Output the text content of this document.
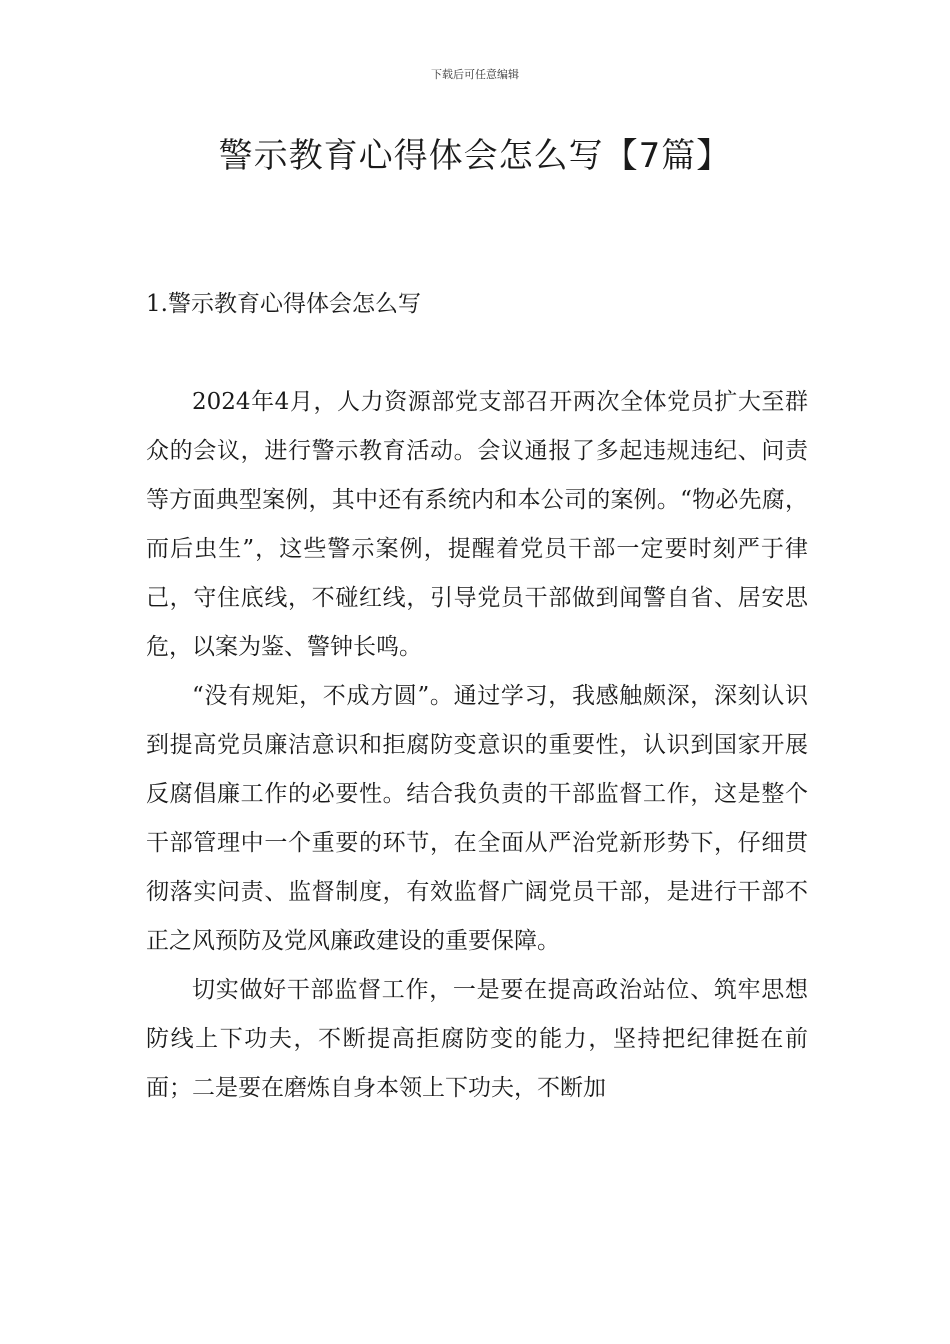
下载后可任意编辑
警示教育心得体会怎么写【7篇】
1.警示教育心得体会怎么写

2024年4月，人力资源部党支部召开两次全体党员扩大至群众的会议，进行警示教育活动。会议通报了多起违规违纪、问责等方面典型案例，其中还有系统内和本公司的案例。“物必先腐，而后虫生”，这些警示案例，提醒着党员干部一定要时刻严于律己，守住底线，不碰红线，引导党员干部做到闻警自省、居安思危，以案为鉴、警钟长鸣。

“没有规矩，不成方圆”。通过学习，我感触颇深，深刻认识到提高党员廉洁意识和拒腐防变意识的重要性，认识到国家开展反腐倡廉工作的必要性。结合我负责的干部监督工作，这是整个干部管理中一个重要的环节，在全面从严治党新形势下，仔细贯彻落实问责、监督制度，有效监督广阔党员干部，是进行干部不正之风预防及党风廉政建设的重要保障。

切实做好干部监督工作，一是要在提高政治站位、筑牢思想防线上下功夫，不断提高拒腐防变的能力，坚持把纪律挺在前面；二是要在磨炼自身本领上下功夫，不断加
